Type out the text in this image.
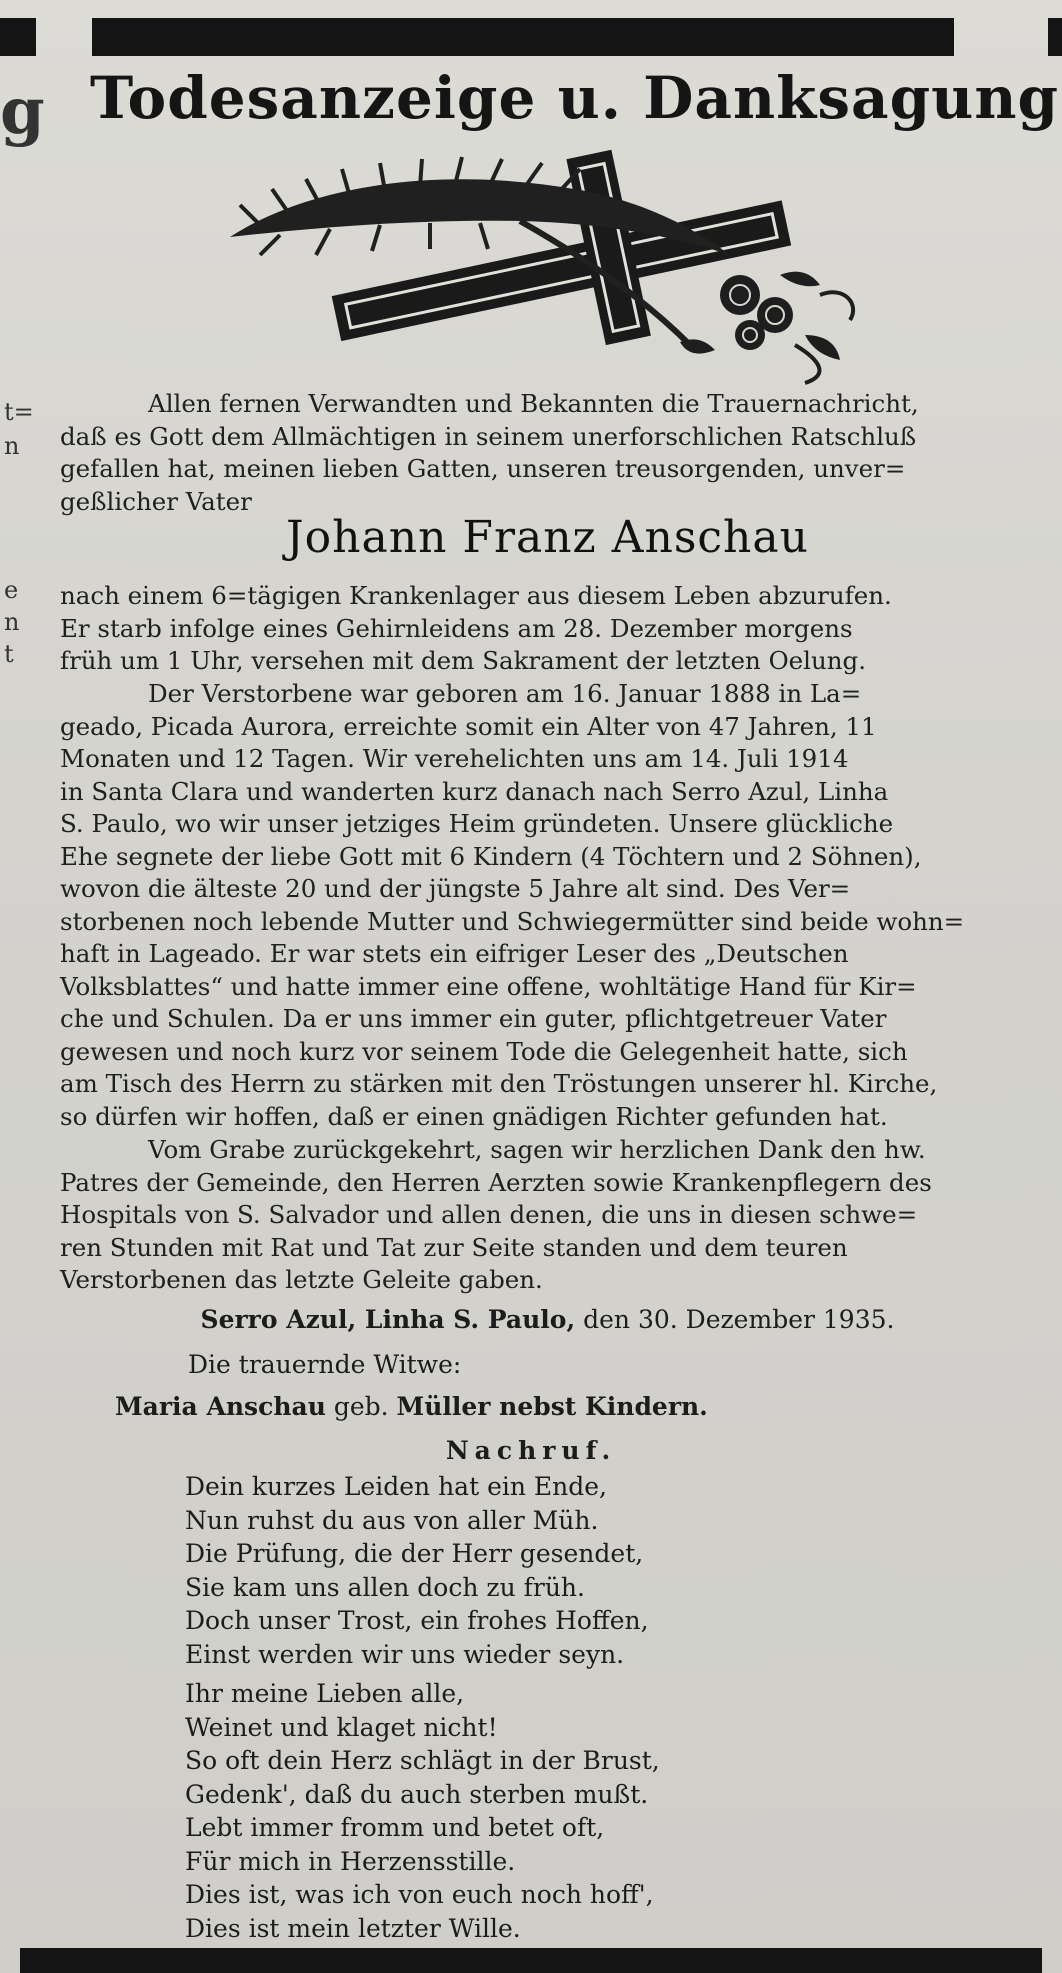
g
t=
n
e
n
t
Todesanzeige u. Danksagung
Allen fernen Verwandten und Bekannten die Trauernachricht,
daß es Gott dem Allmächtigen in seinem unerforschlichen Ratschluß
gefallen hat, meinen lieben Gatten, unseren treusorgenden, unver=
geßlicher Vater
Johann Franz Anschau
nach einem 6=tägigen Krankenlager aus diesem Leben abzurufen.
Er starb infolge eines Gehirnleidens am 28. Dezember morgens
früh um 1 Uhr, versehen mit dem Sakrament der letzten Oelung.
Der Verstorbene war geboren am 16. Januar 1888 in La=
geado, Picada Aurora, erreichte somit ein Alter von 47 Jahren, 11
Monaten und 12 Tagen. Wir verehelichten uns am 14. Juli 1914
in Santa Clara und wanderten kurz danach nach Serro Azul, Linha
S. Paulo, wo wir unser jetziges Heim gründeten. Unsere glückliche
Ehe segnete der liebe Gott mit 6 Kindern (4 Töchtern und 2 Söhnen),
wovon die älteste 20 und der jüngste 5 Jahre alt sind. Des Ver=
storbenen noch lebende Mutter und Schwiegermütter sind beide wohn=
haft in Lageado. Er war stets ein eifriger Leser des „Deutschen
Volksblattes“ und hatte immer eine offene, wohltätige Hand für Kir=
che und Schulen. Da er uns immer ein guter, pflichtgetreuer Vater
gewesen und noch kurz vor seinem Tode die Gelegenheit hatte, sich
am Tisch des Herrn zu stärken mit den Tröstungen unserer hl. Kirche,
so dürfen wir hoffen, daß er einen gnädigen Richter gefunden hat.
Vom Grabe zurückgekehrt, sagen wir herzlichen Dank den hw.
Patres der Gemeinde, den Herren Aerzten sowie Krankenpflegern des
Hospitals von S. Salvador und allen denen, die uns in diesen schwe=
ren Stunden mit Rat und Tat zur Seite standen und dem teuren
Verstorbenen das letzte Geleite gaben.
Serro Azul, Linha S. Paulo, den 30. Dezember 1935.
Die trauernde Witwe:
Maria Anschau geb. Müller nebst Kindern.
Nachruf.
Dein kurzes Leiden hat ein Ende,
Nun ruhst du aus von aller Müh.
Die Prüfung, die der Herr gesendet,
Sie kam uns allen doch zu früh.
Doch unser Trost, ein frohes Hoffen,
Einst werden wir uns wieder seyn.
Ihr meine Lieben alle,
Weinet und klaget nicht!
So oft dein Herz schlägt in der Brust,
Gedenk', daß du auch sterben mußt.
Lebt immer fromm und betet oft,
Für mich in Herzensstille.
Dies ist, was ich von euch noch hoff',
Dies ist mein letzter Wille.
